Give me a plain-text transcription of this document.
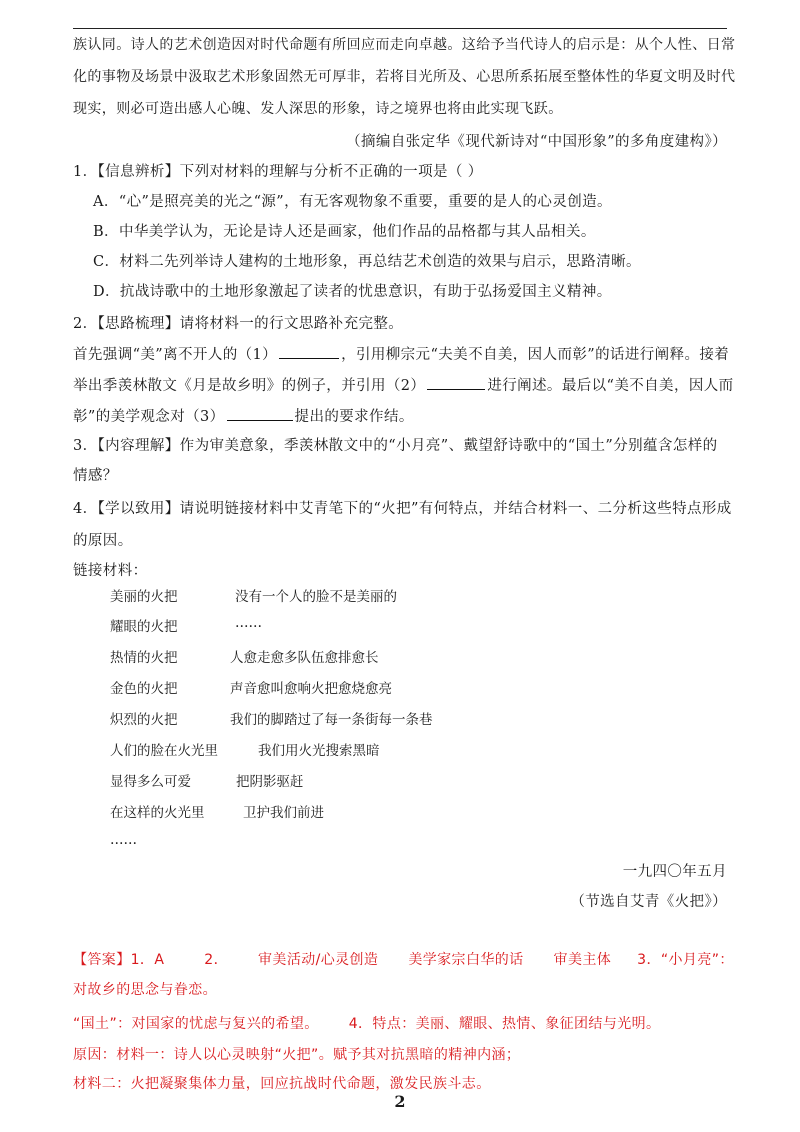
族认同。诗人的艺术创造因对时代命题有所回应而走向卓越。这给予当代诗人的启示是：从个人性、日常
化的事物及场景中汲取艺术形象固然无可厚非，若将目光所及、心思所系拓展至整体性的华夏文明及时代
现实，则必可造出感人心魄、发人深思的形象，诗之境界也将由此实现飞跃。
（摘编自张定华《现代新诗对“中国形象”的多角度建构》）
1．【信息辨析】下列对材料的理解与分析不正确的一项是（ ）
A．“心”是照亮美的光之“源”，有无客观物象不重要，重要的是人的心灵创造。
B．中华美学认为，无论是诗人还是画家，他们作品的品格都与其人品相关。
C．材料二先列举诗人建构的土地形象，再总结艺术创造的效果与启示，思路清晰。
D．抗战诗歌中的土地形象激起了读者的忧患意识，有助于弘扬爱国主义精神。
2．【思路梳理】请将材料一的行文思路补充完整。
首先强调“美”离不开人的（1）	，引用柳宗元“夫美不自美，因人而彰”的话进行阐释。接着
举出季羡林散文《月是故乡明》的例子，并引用（2）	进行阐述。最后以“美不自美，因人而
彰”的美学观念对（3）	提出的要求作结。
3．【内容理解】作为审美意象，季羡林散文中的“小月亮”、戴望舒诗歌中的“国土”分别蕴含怎样的
情感？
4．【学以致用】请说明链接材料中艾青笔下的“火把”有何特点，并结合材料一、二分析这些特点形成
的原因。
链接材料：
美丽的火把	没有一个人的脸不是美丽的
耀眼的火把	……
热情的火把	人愈走愈多队伍愈排愈长
金色的火把	声音愈叫愈响火把愈烧愈亮
炽烈的火把	我们的脚踏过了每一条街每一条巷
人们的脸在火光里	我们用火光搜索黑暗
显得多么可爱	把阴影驱赶
在这样的火光里	卫护我们前进
……
一九四〇年五月
（节选自艾青《火把》）
【答案】1．A	2． 审美活动/心灵创造 美学家宗白华的话 审美主体 3．“小月亮”：
对故乡的思念与眷恋。
“国土”：对国家的忧虑与复兴的希望。 4．特点：美丽、耀眼、热情、象征团结与光明。
原因：材料一：诗人以心灵映射“火把”。赋予其对抗黑暗的精神内涵；
材料二：火把凝聚集体力量，回应抗战时代命题，激发民族斗志。
2
